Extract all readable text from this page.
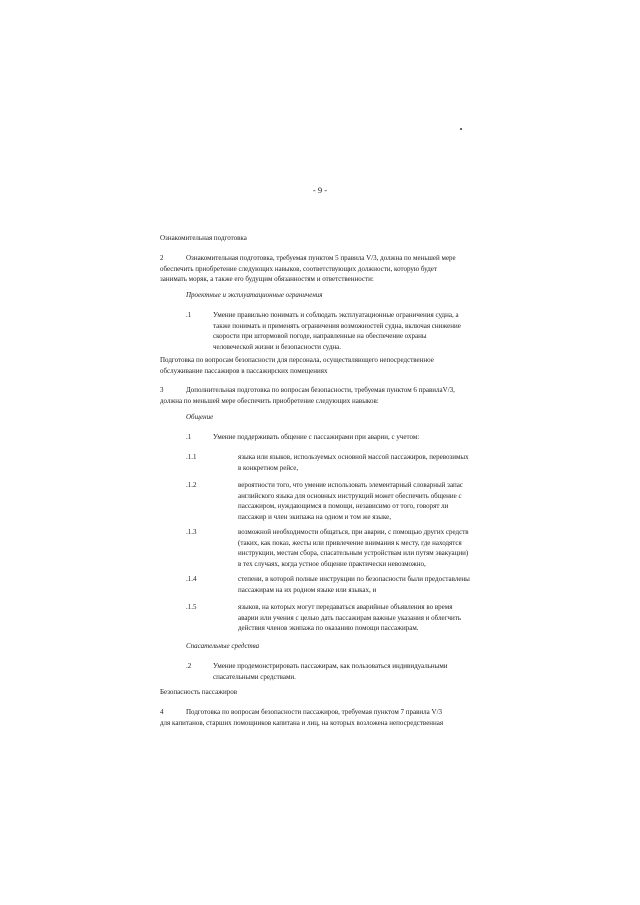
- 9 -
Ознакомительная подготовка
2	Ознакомительная подготовка, требуемая пунктом 5 правила V/3, должна по меньшей мере
обеспечить приобретение следующих навыков, соответствующих должности, которую будет
занимать моряк, а также его будущим обязанностям и ответственности:
Проектные и эксплуатационные ограничения
.1	Умение правильно понимать и соблюдать эксплуатационные ограничения судна, а
также понимать и применять ограничения возможностей судна, включая снижение
скорости при штормовой погоде, направленные на обеспечение охраны
человеческой жизни и безопасности судна.
Подготовка по вопросам безопасности для персонала, осуществляющего непосредственное
обслуживание пассажиров в пассажирских помещениях
3	Дополнительная подготовка по вопросам безопасности, требуемая пунктом 6 правилаV/3,
должна по меньшей мере обеспечить приобретение следующих навыков:
Общение
.1	Умение поддерживать общение с пассажирами при аварии, с учетом:
.1.1	языка или языков, используемых основной массой пассажиров, перевозимых
в конкретном рейсе,
.1.2	вероятности того, что умение использовать элементарный словарный запас
английского языка для основных инструкций может обеспечить общение с
пассажиром, нуждающимся в помощи, независимо от того, говорят ли
пассажир и член экипажа на одном и том же языке,
.1.3	возможной необходимости общаться, при аварии, с помощью других средств
(таких, как показ, жесты или привлечение внимания к месту, где находятся
инструкции, местам сбора, спасательным устройствам или путям эвакуации)
в тех случаях, когда устное общение практически невозможно,
.1.4	степени, в которой полные инструкции по безопасности были предоставлены
пассажирам на их родном языке или языках, и
.1.5	языков, на которых могут передаваться аварийные объявления во время
аварии или учения с целью дать пассажирам важные указания и облегчить
действия членов экипажа по оказанию помощи пассажирам.
Спасательные средства
.2	Умение продемонстрировать пассажирам, как пользоваться индивидуальными
спасательными средствами.
Безопасность пассажиров
4	Подготовка по вопросам безопасности пассажиров, требуемая пунктом 7 правила V/3
для капитанов, старших помощников капитана и лиц, на которых возложена непосредственная
